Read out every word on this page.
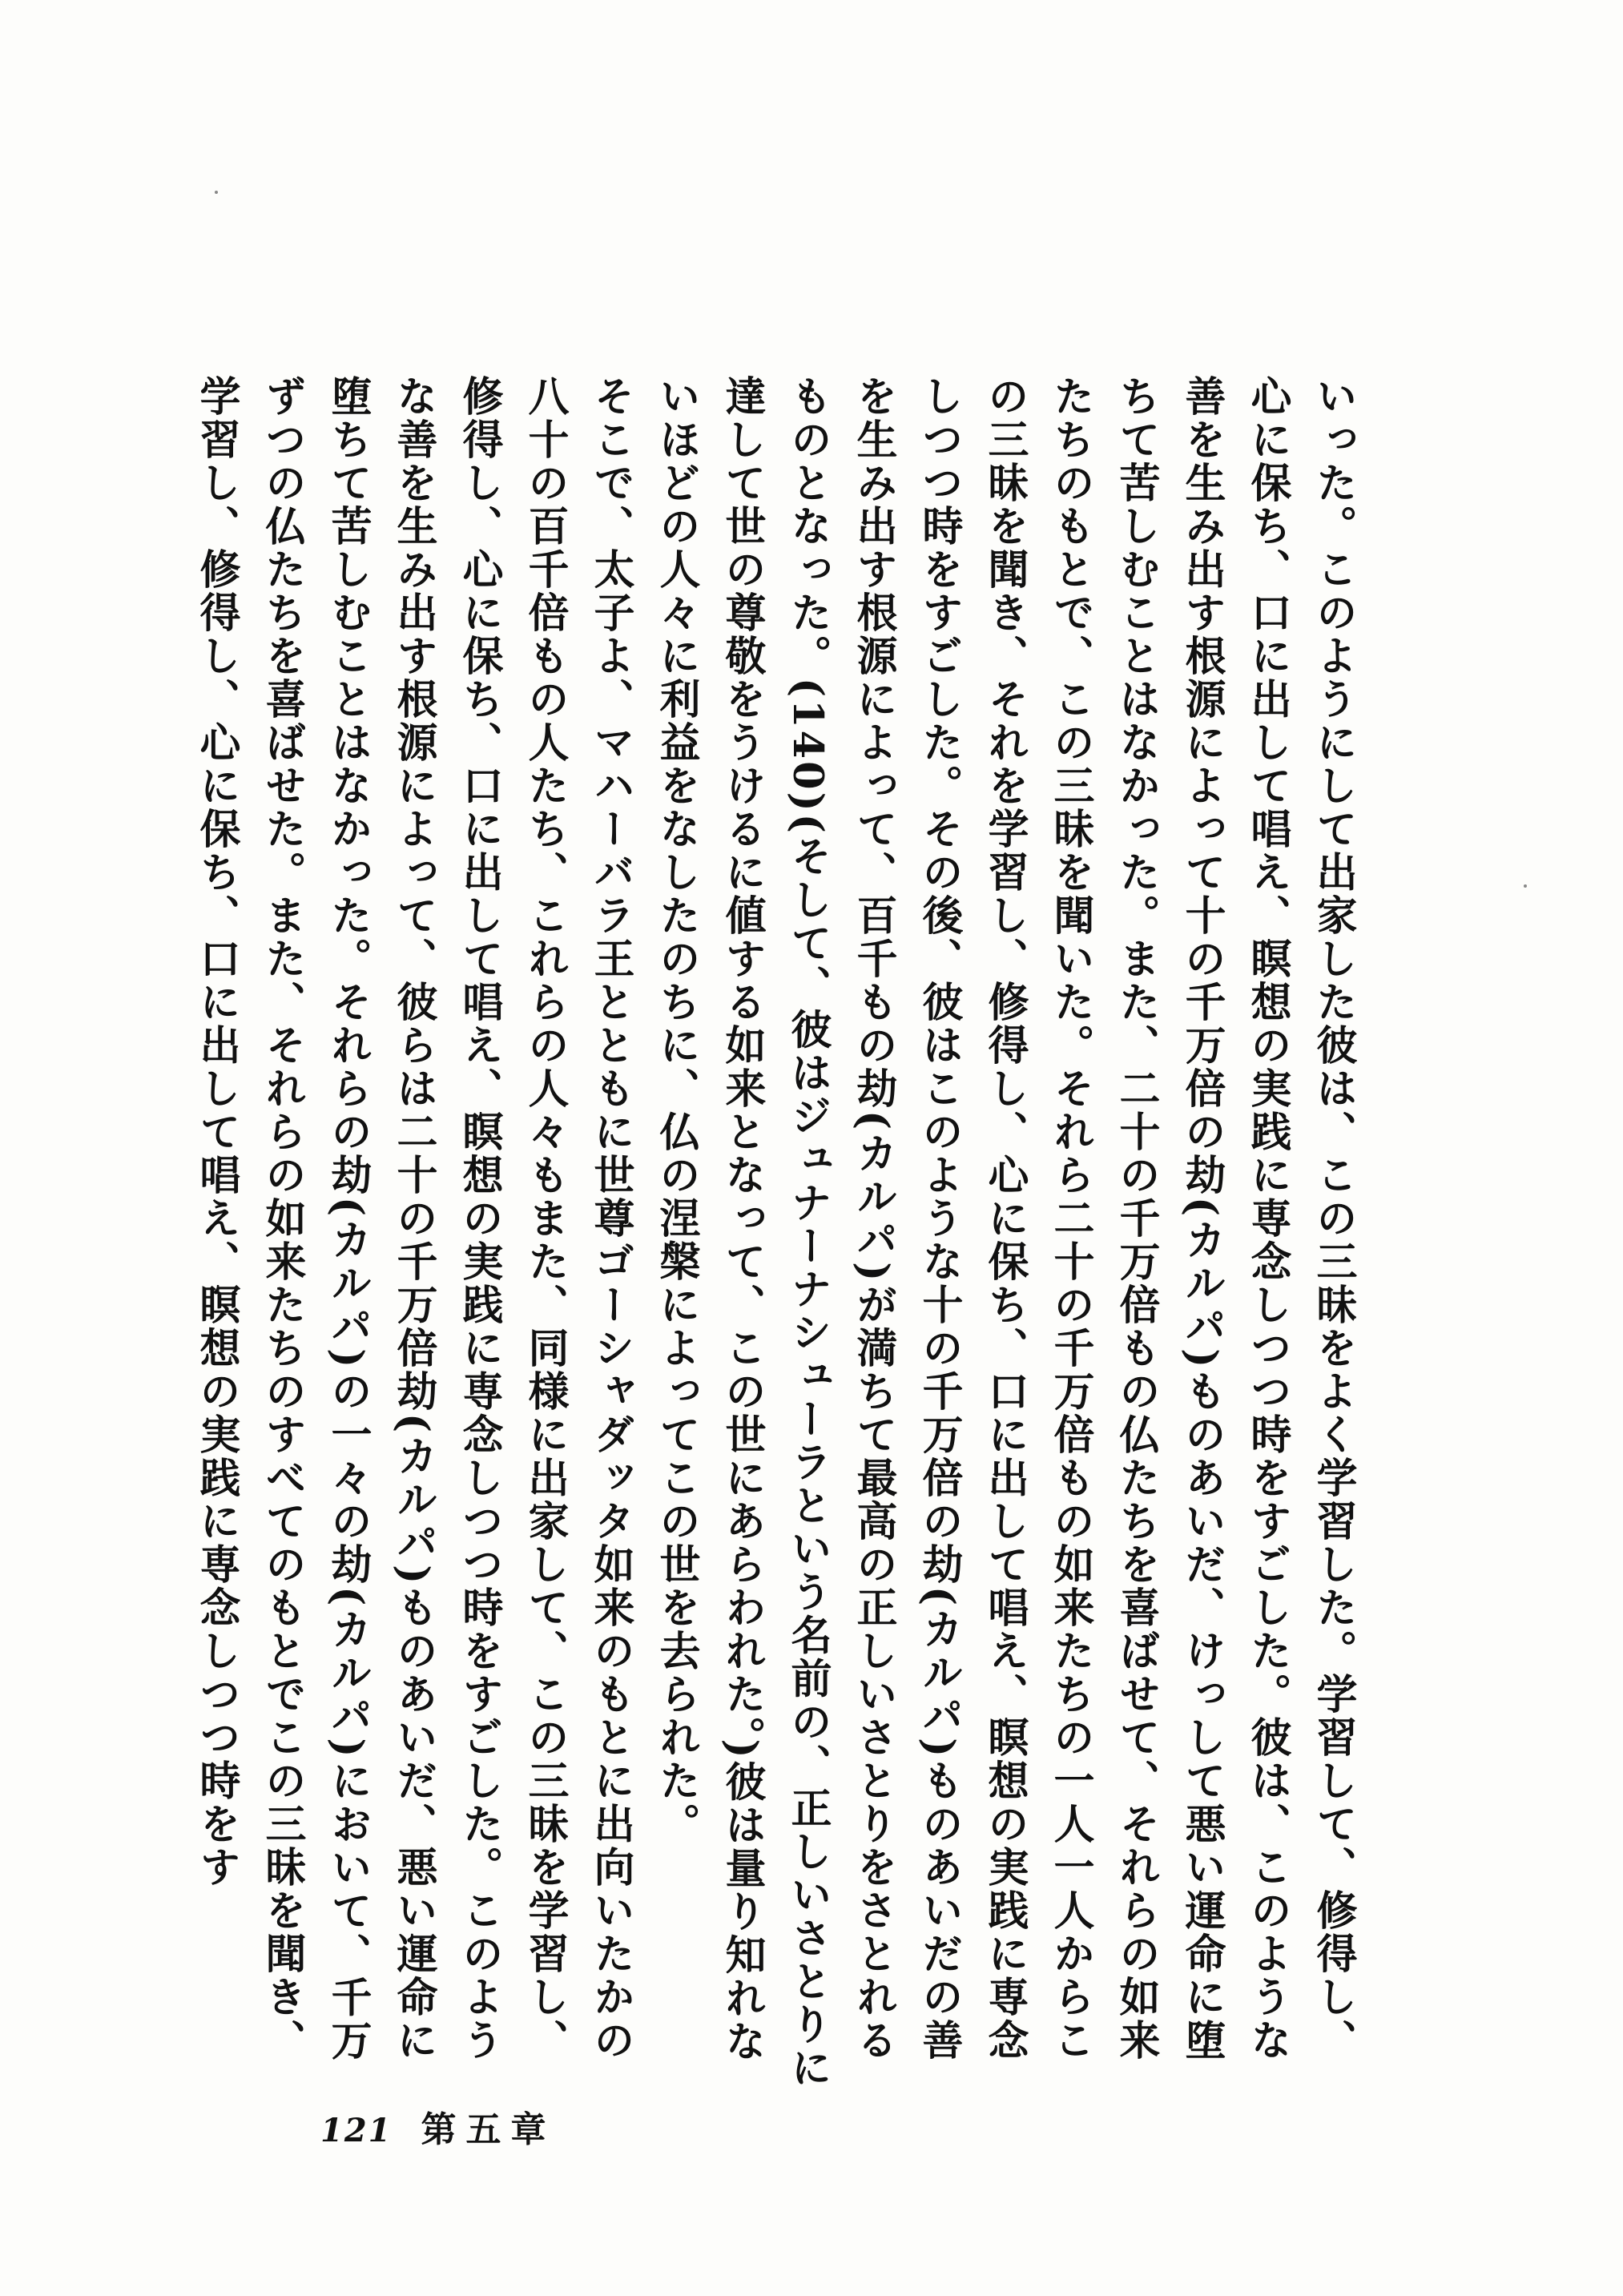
いった。このようにして出家した彼は、この三昧をよく学習した。学習して、修得し、心に保ち、口に出して唱え、瞑想の実践に専念しつつ時をすごした。彼は、このような善を生み出す根源によって十の千万倍の劫(カルパ)ものあいだ、けっして悪い運命に堕ちて苦しむことはなかった。また、二十の千万倍もの仏たちを喜ばせて、それらの如来たちのもとで、この三昧を聞いた。それら二十の千万倍もの如来たちの一人一人からこの三昧を聞き、それを学習し、修得し、心に保ち、口に出して唱え、瞑想の実践に専念しつつ時をすごした。その後、彼はこのような十の千万倍の劫(カルパ)ものあいだの善を生み出す根源によって、百千もの劫(カルパ)が満ちて最高の正しいさとりをさとれるものとなった。(140)(そして、彼はジュナーナシューラという名前の、正しいさとりに達して世の尊敬をうけるに値する如来となって、この世にあらわれた。)彼は量り知れないほどの人々に利益をなしたのちに、仏の涅槃によってこの世を去られた。

そこで、太子よ、マハーバラ王とともに世尊ゴーシャダッタ如来のもとに出向いたかの八十の百千倍もの人たち、これらの人々もまた、同様に出家して、この三昧を学習し、修得し、心に保ち、口に出して唱え、瞑想の実践に専念しつつ時をすごした。このような善を生み出す根源によって、彼らは二十の千万倍劫(カルパ)ものあいだ、悪い運命に堕ちて苦しむことはなかった。それらの劫(カルパ)の一々の劫(カルパ)において、千万ずつの仏たちを喜ばせた。また、それらの如来たちのすべてのもとでこの三昧を聞き、学習し、修得し、心に保ち、口に出して唱え、瞑想の実践に専念しつつ時をす

121 第五章
